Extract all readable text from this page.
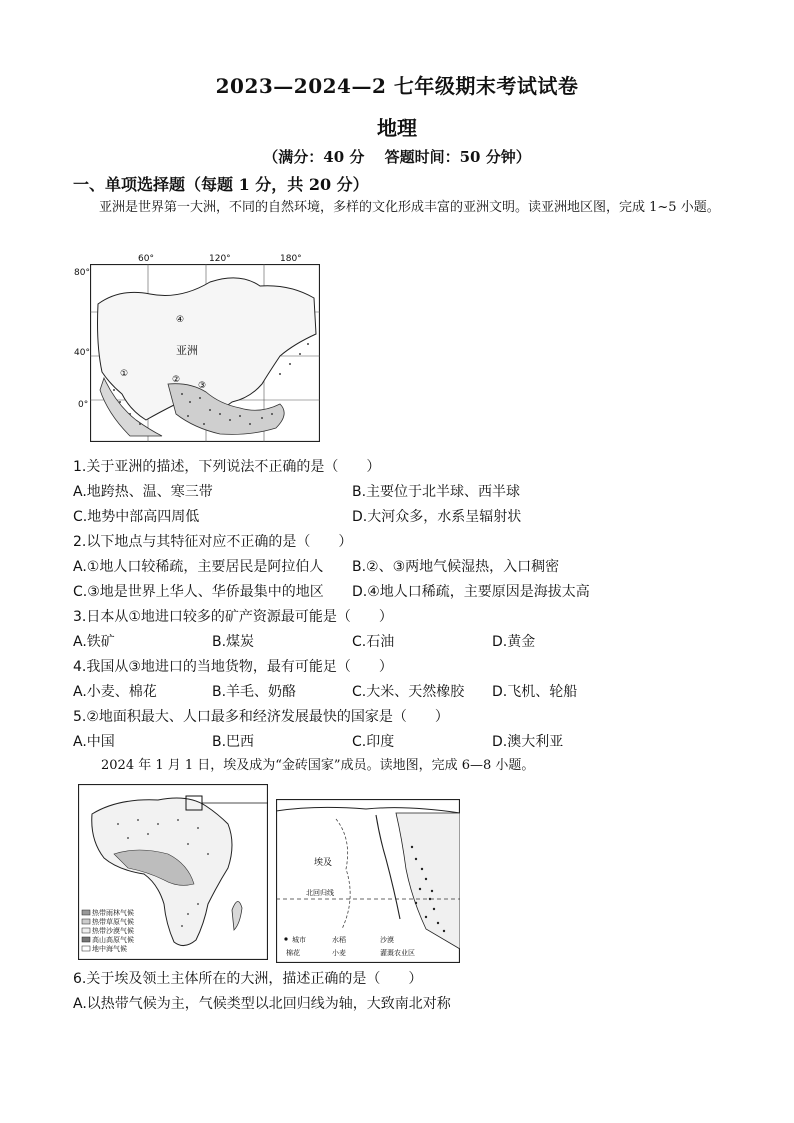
2023—2024—2 七年级期末考试试卷
地理
（满分：40 分　 答题时间：50 分钟）
一、单项选择题（每题 1 分，共 20 分）
亚洲是世界第一大洲，不同的自然环境，多样的文化形成丰富的亚洲文明。读亚洲地区图，完成 1~5 小题。
60°	120°	180°
80°
40°
0°
亚洲
①
②
③
④
1.关于亚洲的描述，下列说法不正确的是（　　）
A.地跨热、温、寒三带	B.主要位于北半球、西半球
C.地势中部高四周低	D.大河众多，水系呈辐射状
2.以下地点与其特征对应不正确的是（　　）
A.①地人口较稀疏，主要居民是阿拉伯人 B.②、③两地气候湿热，入口稠密
C.③地是世界上华人、华侨最集中的地区 D.④地人口稀疏，主要原因是海拔太高
3.日本从①地进口较多的矿产资源最可能是（　　）
A.铁矿	B.煤炭	C.石油	D.黄金
4.我国从③地进口的当地货物，最有可能足（　　）
A.小麦、棉花	B.羊毛、奶酪	C.大米、天然橡胶 D.飞机、轮船
5.②地面积最大、人口最多和经济发展最快的国家是（　　）
A.中国	B.巴西	C.印度	D.澳大利亚
2024 年 1 月 1 日，埃及成为“金砖国家”成员。读地图，完成 6—8 小题。
热带雨林气候
热带草原气候
热带沙漠气候
高山高原气候
地中海气候
埃及
北回归线
城市	水稻
棉花	小麦
沙漠
灌溉农业区
6.关于埃及领土主体所在的大洲，描述正确的是（　　）
A.以热带气候为主，气候类型以北回归线为轴，大致南北对称
